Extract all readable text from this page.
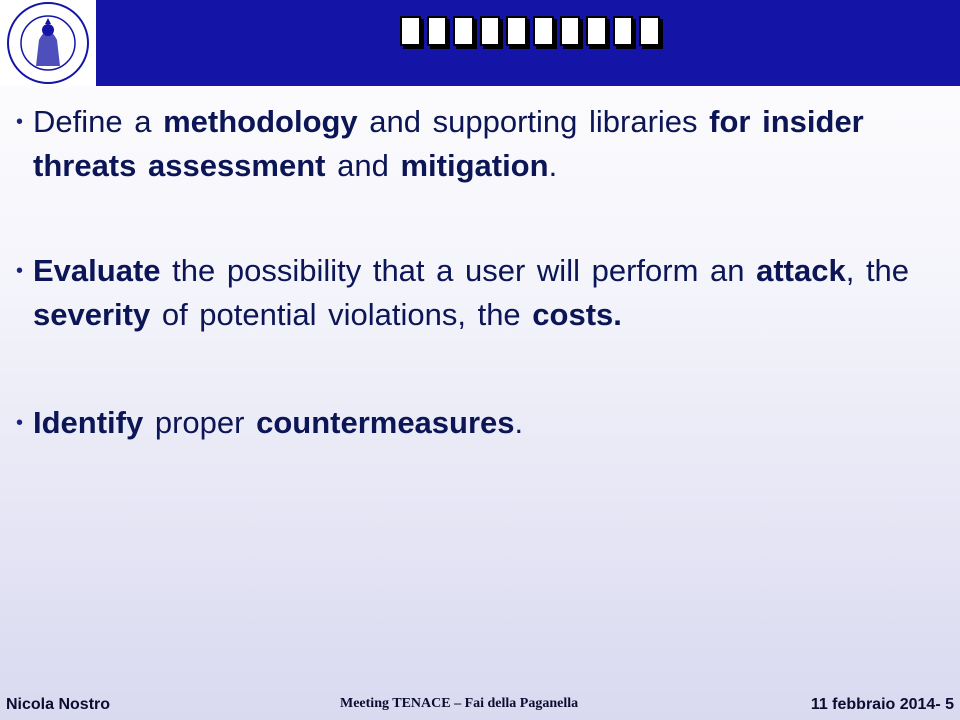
• Define a methodology and supporting libraries for insider threats assessment and mitigation.
• Evaluate the possibility that a user will perform an attack, the severity of potential violations, the costs.
• Identify proper countermeasures.
Nicola Nostro	Meeting TENACE – Fai della Paganella	11 febbraio 2014- 5
